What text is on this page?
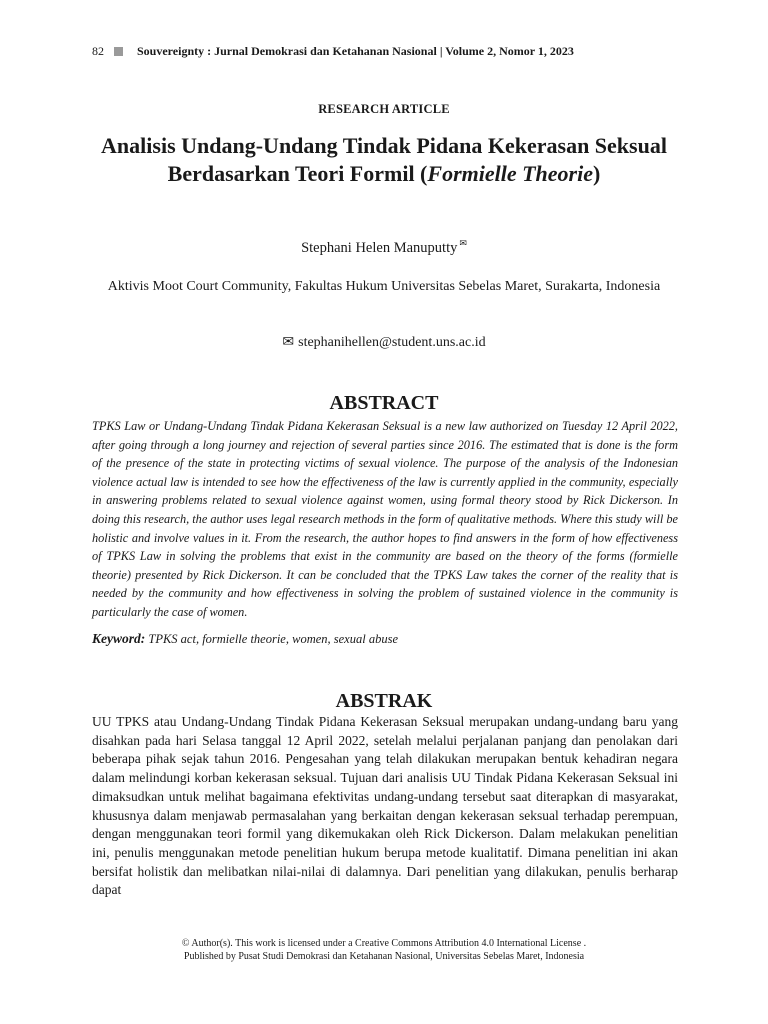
82	Souvereignty : Jurnal Demokrasi dan Ketahanan Nasional | Volume 2, Nomor 1, 2023
RESEARCH ARTICLE
Analisis Undang-Undang Tindak Pidana Kekerasan Seksual Berdasarkan Teori Formil (Formielle Theorie)
Stephani Helen Manuputty ✉
Aktivis Moot Court Community, Fakultas Hukum Universitas Sebelas Maret, Surakarta, Indonesia
✉ stephanihellen@student.uns.ac.id
ABSTRACT

TPKS Law or Undang-Undang Tindak Pidana Kekerasan Seksual is a new law authorized on Tuesday 12 April 2022, after going through a long journey and rejection of several parties since 2016. The estimated that is done is the form of the presence of the state in protecting victims of sexual violence. The purpose of the analysis of the Indonesian violence actual law is intended to see how the effectiveness of the law is currently applied in the community, especially in answering problems related to sexual violence against women, using formal theory stood by Rick Dickerson. In doing this research, the author uses legal research methods in the form of qualitative methods. Where this study will be holistic and involve values in it. From the research, the author hopes to find answers in the form of how effectiveness of TPKS Law in solving the problems that exist in the community are based on the theory of the forms (formielle theorie) presented by Rick Dickerson. It can be concluded that the TPKS Law takes the corner of the reality that is needed by the community and how effectiveness in solving the problem of sustained violence in the community is particularly the case of women.

Keyword: TPKS act, formielle theorie, women, sexual abuse
ABSTRAK

UU TPKS atau Undang-Undang Tindak Pidana Kekerasan Seksual merupakan undang-undang baru yang disahkan pada hari Selasa tanggal 12 April 2022, setelah melalui perjalanan panjang dan penolakan dari beberapa pihak sejak tahun 2016. Pengesahan yang telah dilakukan merupakan bentuk kehadiran negara dalam melindungi korban kekerasan seksual. Tujuan dari analisis UU Tindak Pidana Kekerasan Seksual ini dimaksudkan untuk melihat bagaimana efektivitas undang-undang tersebut saat diterapkan di masyarakat, khususnya dalam menjawab permasalahan yang berkaitan dengan kekerasan seksual terhadap perempuan, dengan menggunakan teori formil yang dikemukakan oleh Rick Dickerson. Dalam melakukan penelitian ini, penulis menggunakan metode penelitian hukum berupa metode kualitatif. Dimana penelitian ini akan bersifat holistik dan melibatkan nilai-nilai di dalamnya. Dari penelitian yang dilakukan, penulis berharap dapat

© Author(s). This work is licensed under a Creative Commons Attribution 4.0 International License .
Published by Pusat Studi Demokrasi dan Ketahanan Nasional, Universitas Sebelas Maret, Indonesia
